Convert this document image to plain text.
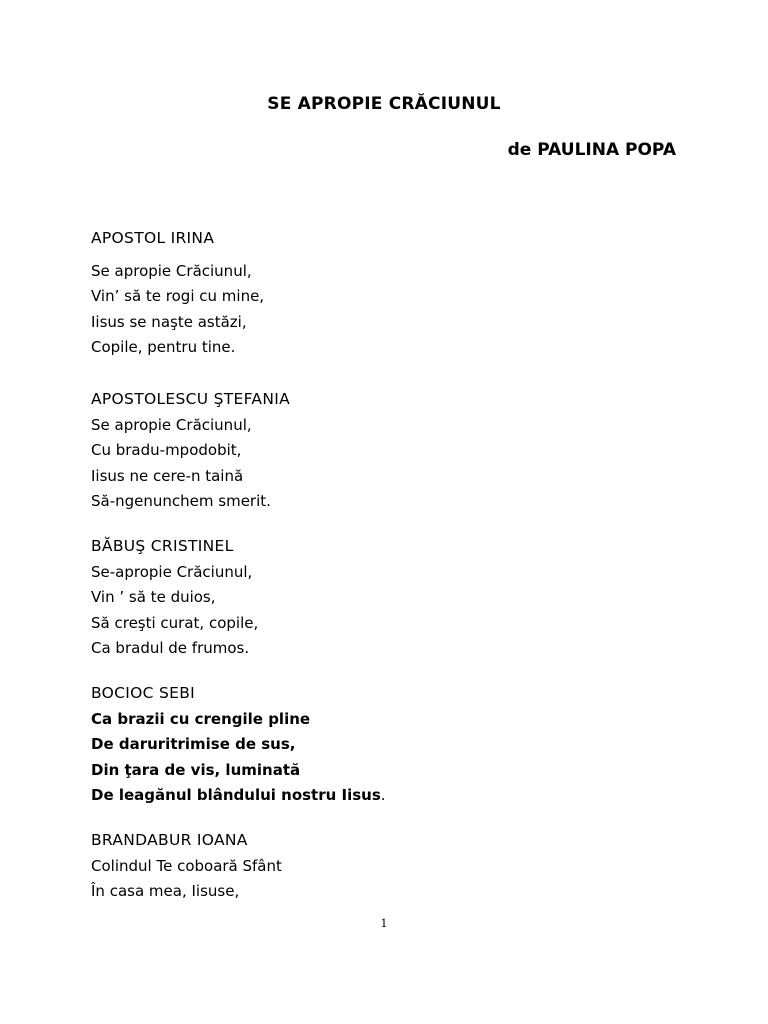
SE APROPIE CRĂCIUNUL
de PAULINA POPA
APOSTOL IRINA
Se apropie Crăciunul,
Vin’ să te rogi cu mine,
Iisus se naşte astăzi,
Copile, pentru tine.
APOSTOLESCU ŞTEFANIA
Se apropie Crăciunul,
Cu bradu-mpodobit,
Iisus ne cere-n taină
Să-ngenunchem smerit.
BĂBUŞ CRISTINEL
Se-apropie Crăciunul,
Vin ’ să te duios,
Să creşti curat, copile,
Ca bradul de frumos.
BOCIOC SEBI
Ca brazii cu crengile pline
De daruritrimise de sus,
Din ţara de vis, luminată
De leagănul blândului nostru Iisus.
BRANDABUR IOANA
Colindul Te coboară Sfânt
În casa mea, Iisuse,
1
